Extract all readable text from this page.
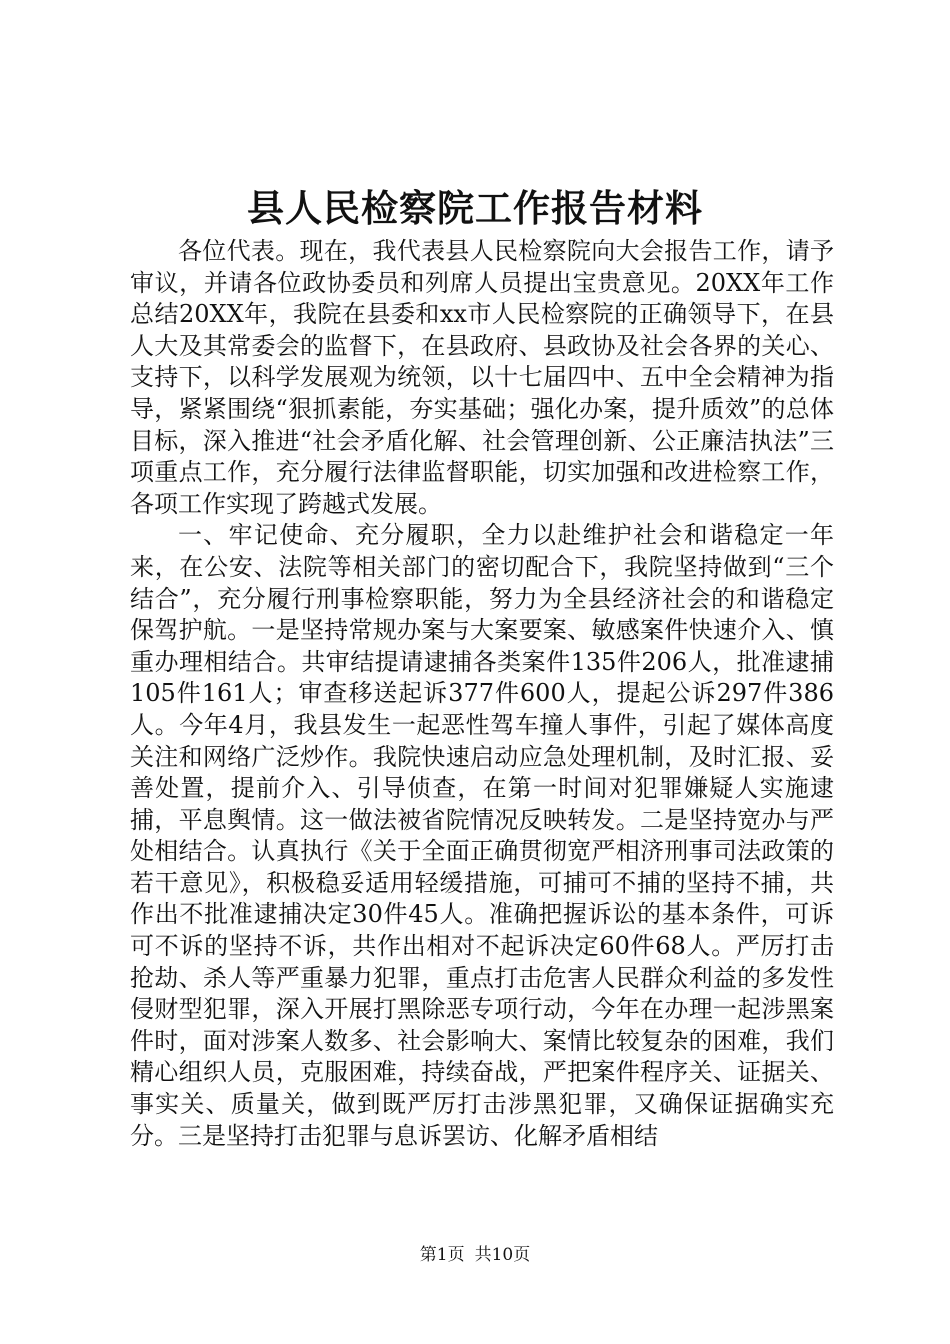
县人民检察院工作报告材料

各位代表。现在，我代表县人民检察院向大会报告工作，请予审议，并请各位政协委员和列席人员提出宝贵意见。20XX年工作总结20XX年，我院在县委和xx市人民检察院的正确领导下，在县人大及其常委会的监督下，在县政府、县政协及社会各界的关心、支持下，以科学发展观为统领，以十七届四中、五中全会精神为指导，紧紧围绕“狠抓素能，夯实基础；强化办案，提升质效”的总体目标，深入推进“社会矛盾化解、社会管理创新、公正廉洁执法”三项重点工作，充分履行法律监督职能，切实加强和改进检察工作，各项工作实现了跨越式发展。

一、牢记使命、充分履职，全力以赴维护社会和谐稳定一年来，在公安、法院等相关部门的密切配合下，我院坚持做到“三个结合”，充分履行刑事检察职能，努力为全县经济社会的和谐稳定保驾护航。一是坚持常规办案与大案要案、敏感案件快速介入、慎重办理相结合。共审结提请逮捕各类案件135件206人，批准逮捕105件161人；审查移送起诉377件600人，提起公诉297件386人。今年4月，我县发生一起恶性驾车撞人事件，引起了媒体高度关注和网络广泛炒作。我院快速启动应急处理机制，及时汇报、妥善处置，提前介入、引导侦查，在第一时间对犯罪嫌疑人实施逮捕，平息舆情。这一做法被省院情况反映转发。二是坚持宽办与严处相结合。认真执行《关于全面正确贯彻宽严相济刑事司法政策的若干意见》，积极稳妥适用轻缓措施，可捕可不捕的坚持不捕，共作出不批准逮捕决定30件45人。准确把握诉讼的基本条件，可诉可不诉的坚持不诉，共作出相对不起诉决定60件68人。严厉打击抢劫、杀人等严重暴力犯罪，重点打击危害人民群众利益的多发性侵财型犯罪，深入开展打黑除恶专项行动，今年在办理一起涉黑案件时，面对涉案人数多、社会影响大、案情比较复杂的困难，我们精心组织人员，克服困难，持续奋战，严把案件程序关、证据关、事实关、质量关，做到既严厉打击涉黑犯罪，又确保证据确实充分。三是坚持打击犯罪与息诉罢访、化解矛盾相结

第1页 共10页
